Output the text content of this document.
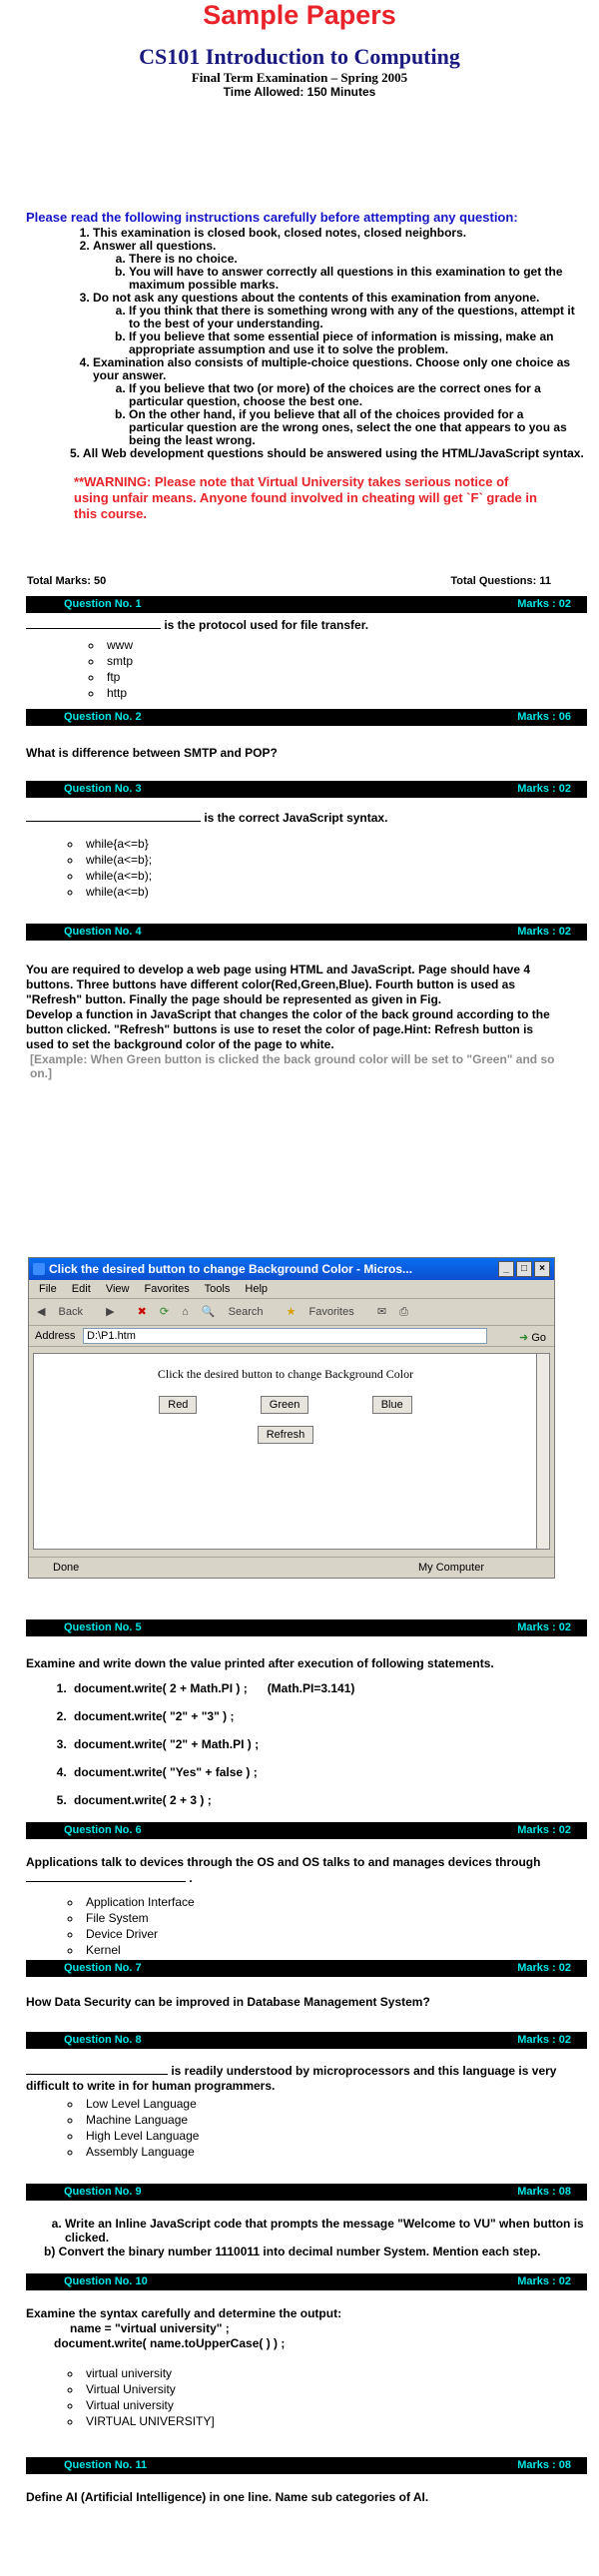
Sample Papers
CS101 Introduction to Computing
Final Term Examination – Spring 2005
Time Allowed: 150 Minutes
Please read the following instructions carefully before attempting any question:
1. This examination is closed book, closed notes, closed neighbors.
2. Answer all questions.
a. There is no choice.
b. You will have to answer correctly all questions in this examination to get the maximum possible marks.
3. Do not ask any questions about the contents of this examination from anyone.
a. If you think that there is something wrong with any of the questions, attempt it to the best of your understanding.
b. If you believe that some essential piece of information is missing, make an appropriate assumption and use it to solve the problem.
4. Examination also consists of multiple-choice questions. Choose only one choice as your answer.
a. If you believe that two (or more) of the choices are the correct ones for a particular question, choose the best one.
b. On the other hand, if you believe that all of the choices provided for a particular question are the wrong ones, select the one that appears to you as being the least wrong.
5. All Web development questions should be answered using the HTML/JavaScript syntax.
**WARNING: Please note that Virtual University takes serious notice of using unfair means. Anyone found involved in cheating will get `F` grade in this course.
Total Marks: 50	Total Questions: 11
Question No. 1	Marks : 02
is the protocol used for file transfer.
◦ www
◦ smtp
◦ ftp
◦ http
Question No. 2	Marks : 06
What is difference between SMTP and POP?
Question No. 3	Marks : 02
is the correct JavaScript syntax.
◦ while{a<=b}
◦ while(a<=b};
◦ while(a<=b);
◦ while(a<=b)
Question No. 4	Marks : 02
You are required to develop a web page using HTML and JavaScript. Page should have 4 buttons. Three buttons have different color(Red,Green,Blue). Fourth button is used as "Refresh" button. Finally the page should be represented as given in Fig.
Develop a function in JavaScript that changes the color of the back ground according to the button clicked. "Refresh" buttons is use to reset the color of page.Hint: Refresh button is used to set the background color of the page to white.
[Example: When Green button is clicked the back ground color will be set to "Green" and so on.]
Click the desired button to change Background Color - Micros...	_	□	×
File Edit View Favorites Tools Help
◀ Back ▶ ✖ ⟳ ⌂ 🔍 Search ★ Favorites ✉ ⎙
Address	D:\P1.htm	➜ Go
Click the desired button to change Background Color
Red	Green	Blue
Refresh
Done	My Computer
Question No. 5	Marks : 02
Examine and write down the value printed after execution of following statements.
1. document.write( 2 + Math.PI ) ;      (Math.PI=3.141)
2. document.write( "2" + "3" ) ;
3. document.write( "2" + Math.PI ) ;
4. document.write( "Yes" + false ) ;
5. document.write( 2 + 3 ) ;
Question No. 6	Marks : 02
Applications talk to devices through the OS and OS talks to and manages devices through .
◦ Application Interface
◦ File System
◦ Device Driver
◦ Kernel
Question No. 7	Marks : 02
How Data Security can be improved in Database Management System?
Question No. 8	Marks : 02
is readily understood by microprocessors and this language is very difficult to write in for human programmers.
◦ Low Level Language
◦ Machine Language
◦ High Level Language
◦ Assembly Language
Question No. 9	Marks : 08
a. Write an Inline JavaScript code that prompts the message "Welcome to VU" when button is clicked.
b) Convert the binary number 1110011 into decimal number System. Mention each step.
Question No. 10	Marks : 02
Examine the syntax carefully and determine the output:
name = "virtual university" ;
document.write( name.toUpperCase( ) ) ;
◦ virtual university
◦ Virtual University
◦ Virtual university
◦ VIRTUAL UNIVERSITY]
Question No. 11	Marks : 08
Define AI (Artificial Intelligence) in one line. Name sub categories of AI.
